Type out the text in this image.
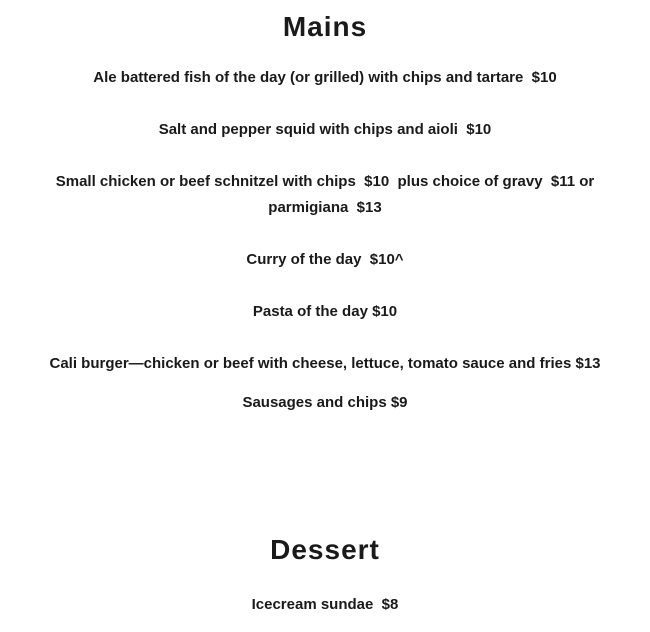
Mains
Ale battered fish of the day (or grilled) with chips and tartare  $10
Salt and pepper squid with chips and aioli  $10
Small chicken or beef schnitzel with chips  $10  plus choice of gravy  $11 or
parmigiana  $13
Curry of the day  $10^
Pasta of the day $10
Cali burger—chicken or beef with cheese, lettuce, tomato sauce and fries $13
Sausages and chips $9
Dessert
Icecream sundae  $8
